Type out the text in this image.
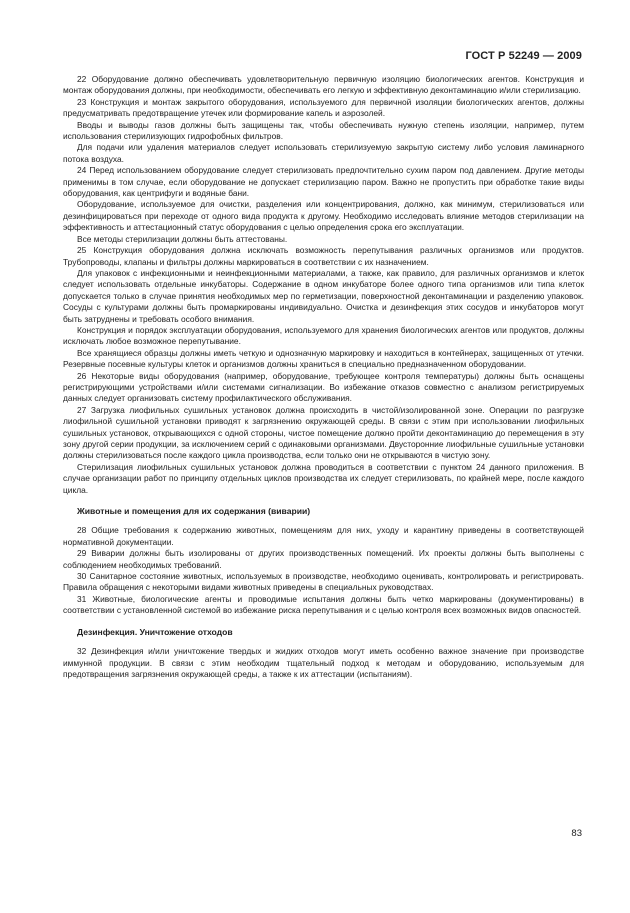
ГОСТ Р 52249 — 2009

22 Оборудование должно обеспечивать удовлетворительную первичную изоляцию биологических агентов. Конструкция и монтаж оборудования должны, при необходимости, обеспечивать его легкую и эффективную деконтаминацию и/или стерилизацию.

23 Конструкция и монтаж закрытого оборудования, используемого для первичной изоляции биологических агентов, должны предусматривать предотвращение утечек или формирование капель и аэрозолей.

Вводы и выводы газов должны быть защищены так, чтобы обеспечивать нужную степень изоляции, например, путем использования стерилизующих гидрофобных фильтров.

Для подачи или удаления материалов следует использовать стерилизуемую закрытую систему либо условия ламинарного потока воздуха.

24 Перед использованием оборудование следует стерилизовать предпочтительно сухим паром под давлением. Другие методы применимы в том случае, если оборудование не допускает стерилизацию паром. Важно не пропустить при обработке такие виды оборудования, как центрифуги и водяные бани.

Оборудование, используемое для очистки, разделения или концентрирования, должно, как минимум, стерилизоваться или дезинфицироваться при переходе от одного вида продукта к другому. Необходимо исследовать влияние методов стерилизации на эффективность и аттестационный статус оборудования с целью определения срока его эксплуатации.

Все методы стерилизации должны быть аттестованы.

25 Конструкция оборудования должна исключать возможность перепутывания различных организмов или продуктов. Трубопроводы, клапаны и фильтры должны маркироваться в соответствии с их назначением.

Для упаковок с инфекционными и неинфекционными материалами, а также, как правило, для различных организмов и клеток следует использовать отдельные инкубаторы. Содержание в одном инкубаторе более одного типа организмов или типа клеток допускается только в случае принятия необходимых мер по герметизации, поверхностной деконтаминации и разделению упаковок. Сосуды с культурами должны быть промаркированы индивидуально. Очистка и дезинфекция этих сосудов и инкубаторов могут быть затруднены и требовать особого внимания.

Конструкция и порядок эксплуатации оборудования, используемого для хранения биологических агентов или продуктов, должны исключать любое возможное перепутывание.

Все хранящиеся образцы должны иметь четкую и однозначную маркировку и находиться в контейнерах, защищенных от утечки. Резервные посевные культуры клеток и организмов должны храниться в специально предназначенном оборудовании.

26 Некоторые виды оборудования (например, оборудование, требующее контроля температуры) должны быть оснащены регистрирующими устройствами и/или системами сигнализации. Во избежание отказов совместно с анализом регистрируемых данных следует организовать систему профилактического обслуживания.

27 Загрузка лиофильных сушильных установок должна происходить в чистой/изолированной зоне. Операции по разгрузке лиофильной сушильной установки приводят к загрязнению окружающей среды. В связи с этим при использовании лиофильных сушильных установок, открывающихся с одной стороны, чистое помещение должно пройти деконтаминацию до перемещения в эту зону другой серии продукции, за исключением серий с одинаковыми организмами. Двусторонние лиофильные сушильные установки должны стерилизоваться после каждого цикла производства, если только они не открываются в чистую зону.

Стерилизация лиофильных сушильных установок должна проводиться в соответствии с пунктом 24 данного приложения. В случае организации работ по принципу отдельных циклов производства их следует стерилизовать, по крайней мере, после каждого цикла.

Животные и помещения для их содержания (виварии)

28 Общие требования к содержанию животных, помещениям для них, уходу и карантину приведены в соответствующей нормативной документации.

29 Виварии должны быть изолированы от других производственных помещений. Их проекты должны быть выполнены с соблюдением необходимых требований.

30 Санитарное состояние животных, используемых в производстве, необходимо оценивать, контролировать и регистрировать. Правила обращения с некоторыми видами животных приведены в специальных руководствах.

31 Животные, биологические агенты и проводимые испытания должны быть четко маркированы (документированы) в соответствии с установленной системой во избежание риска перепутывания и с целью контроля всех возможных видов опасностей.

Дезинфекция. Уничтожение отходов

32 Дезинфекция и/или уничтожение твердых и жидких отходов могут иметь особенно важное значение при производстве иммунной продукции. В связи с этим необходим тщательный подход к методам и оборудованию, используемым для предотвращения загрязнения окружающей среды, а также к их аттестации (испытаниям).

83
